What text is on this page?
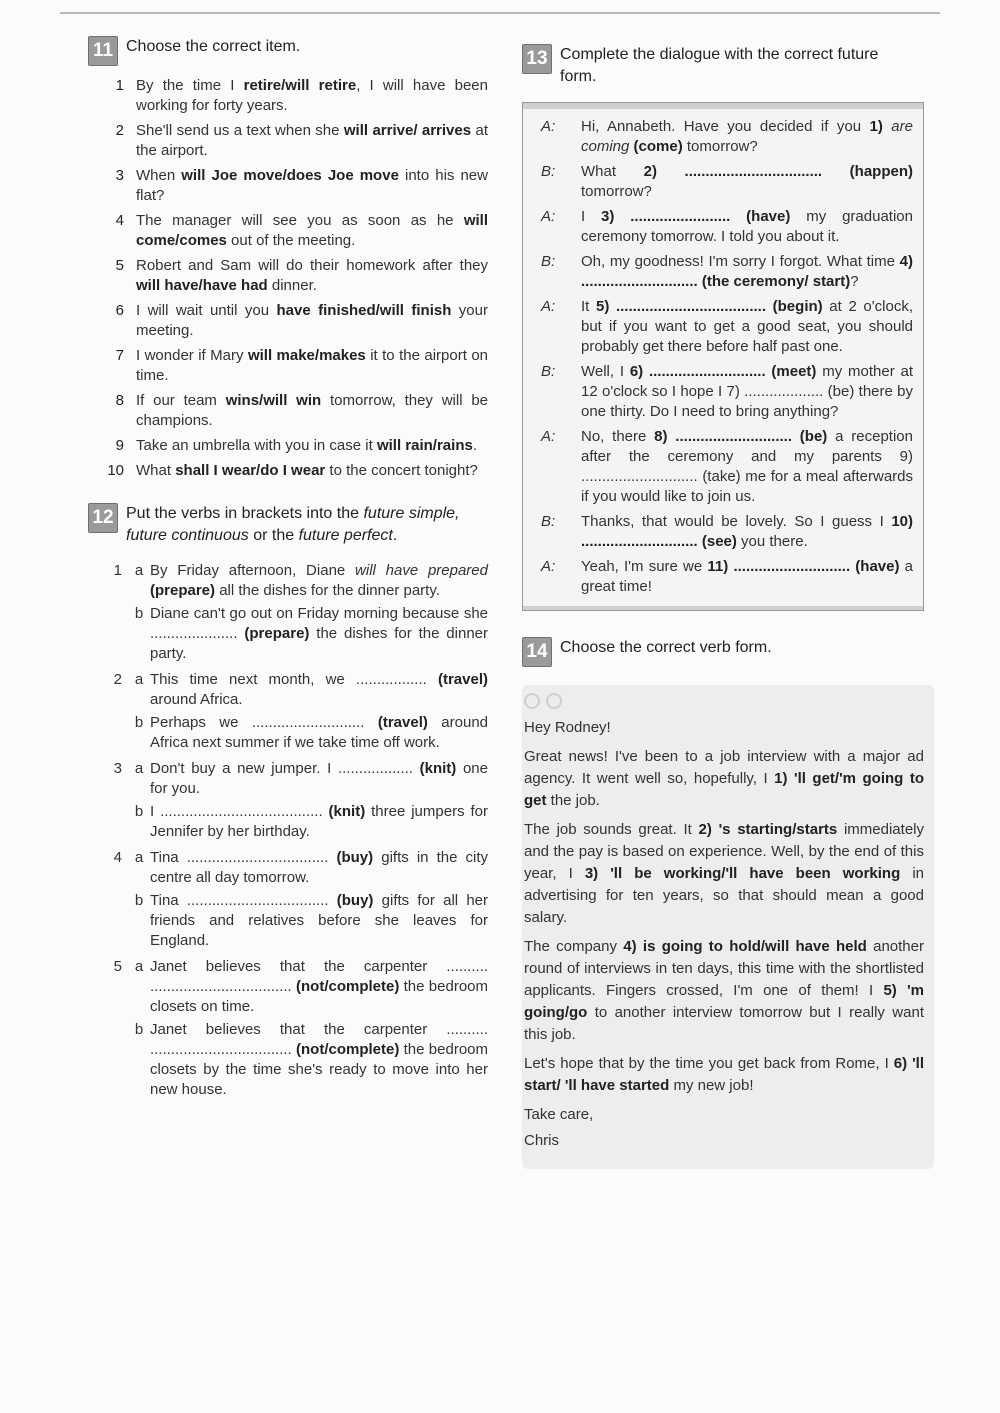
11 Choose the correct item.
1 By the time I retire/will retire, I will have been working for forty years.
2 She'll send us a text when she will arrive/ arrives at the airport.
3 When will Joe move/does Joe move into his new flat?
4 The manager will see you as soon as he will come/comes out of the meeting.
5 Robert and Sam will do their homework after they will have/have had dinner.
6 I will wait until you have finished/will finish your meeting.
7 I wonder if Mary will make/makes it to the airport on time.
8 If our team wins/will win tomorrow, they will be champions.
9 Take an umbrella with you in case it will rain/rains.
10 What shall I wear/do I wear to the concert tonight?
12 Put the verbs in brackets into the future simple, future continuous or the future perfect.
1 a By Friday afternoon, Diane will have prepared (prepare) all the dishes for the dinner party.
b Diane can't go out on Friday morning because she ..................... (prepare) the dishes for the dinner party.
2 a This time next month, we ................. (travel) around Africa.
b Perhaps we ........................... (travel) around Africa next summer if we take time off work.
3 a Don't buy a new jumper. I .................. (knit) one for you.
b I ....................................... (knit) three jumpers for Jennifer by her birthday.
4 a Tina .................................. (buy) gifts in the city centre all day tomorrow.
b Tina .................................. (buy) gifts for all her friends and relatives before she leaves for England.
5 a Janet believes that the carpenter .......... .................................. (not/complete) the bedroom closets on time.
b Janet believes that the carpenter .......... .................................. (not/complete) the bedroom closets by the time she's ready to move into her new house.
13 Complete the dialogue with the correct future form.
A:	Hi, Annabeth. Have you decided if you 1) are coming (come) tomorrow?
B:	What 2) ................................. (happen) tomorrow?
A:	I 3) ........................ (have) my graduation ceremony tomorrow. I told you about it.
B:	Oh, my goodness! I'm sorry I forgot. What time 4) ............................ (the ceremony/ start)?
A:	It 5) .................................... (begin) at 2 o'clock, but if you want to get a good seat, you should probably get there before half past one.
B:	Well, I 6) ............................ (meet) my mother at 12 o'clock so I hope I 7) ................... (be) there by one thirty. Do I need to bring anything?
A:	No, there 8) ............................ (be) a reception after the ceremony and my parents 9) ............................ (take) me for a meal afterwards if you would like to join us.
B:	Thanks, that would be lovely. So I guess I 10) ............................ (see) you there.
A:	Yeah, I'm sure we 11) ............................ (have) a great time!
14 Choose the correct verb form.

Hey Rodney!

Great news! I've been to a job interview with a major ad agency. It went well so, hopefully, I 1) 'll get/'m going to get the job.

The job sounds great. It 2) 's starting/starts immediately and the pay is based on experience. Well, by the end of this year, I 3) 'll be working/'ll have been working in advertising for ten years, so that should mean a good salary.

The company 4) is going to hold/will have held another round of interviews in ten days, this time with the shortlisted applicants. Fingers crossed, I'm one of them! I 5) 'm going/go to another interview tomorrow but I really want this job.

Let's hope that by the time you get back from Rome, I 6) 'll start/ 'll have started my new job!

Take care,

Chris
